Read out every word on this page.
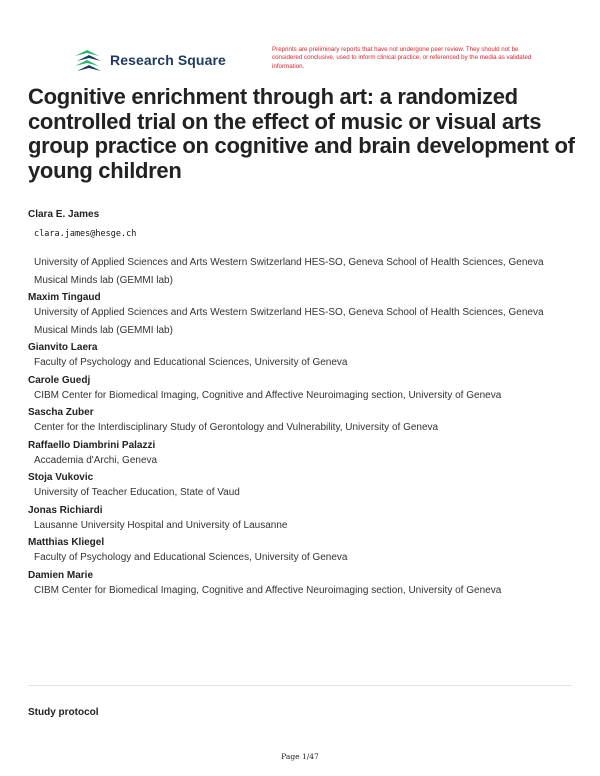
Research Square
Preprints are preliminary reports that have not undergone peer review. They should not be considered conclusive, used to inform clinical practice, or referenced by the media as validated information.
Cognitive enrichment through art: a randomized controlled trial on the effect of music or visual arts group practice on cognitive and brain development of young children
Clara E. James
clara.james@hesge.ch
University of Applied Sciences and Arts Western Switzerland HES-SO, Geneva School of Health Sciences, Geneva Musical Minds lab (GEMMI lab)
Maxim Tingaud
University of Applied Sciences and Arts Western Switzerland HES-SO, Geneva School of Health Sciences, Geneva Musical Minds lab (GEMMI lab)
Gianvito Laera
Faculty of Psychology and Educational Sciences, University of Geneva
Carole Guedj
CIBM Center for Biomedical Imaging, Cognitive and Affective Neuroimaging section, University of Geneva
Sascha Zuber
Center for the Interdisciplinary Study of Gerontology and Vulnerability, University of Geneva
Raffaello Diambrini Palazzi
Accademia d'Archi, Geneva
Stoja Vukovic
University of Teacher Education, State of Vaud
Jonas Richiardi
Lausanne University Hospital and University of Lausanne
Matthias Kliegel
Faculty of Psychology and Educational Sciences, University of Geneva
Damien Marie
CIBM Center for Biomedical Imaging, Cognitive and Affective Neuroimaging section, University of Geneva
Study protocol
Page 1/47
